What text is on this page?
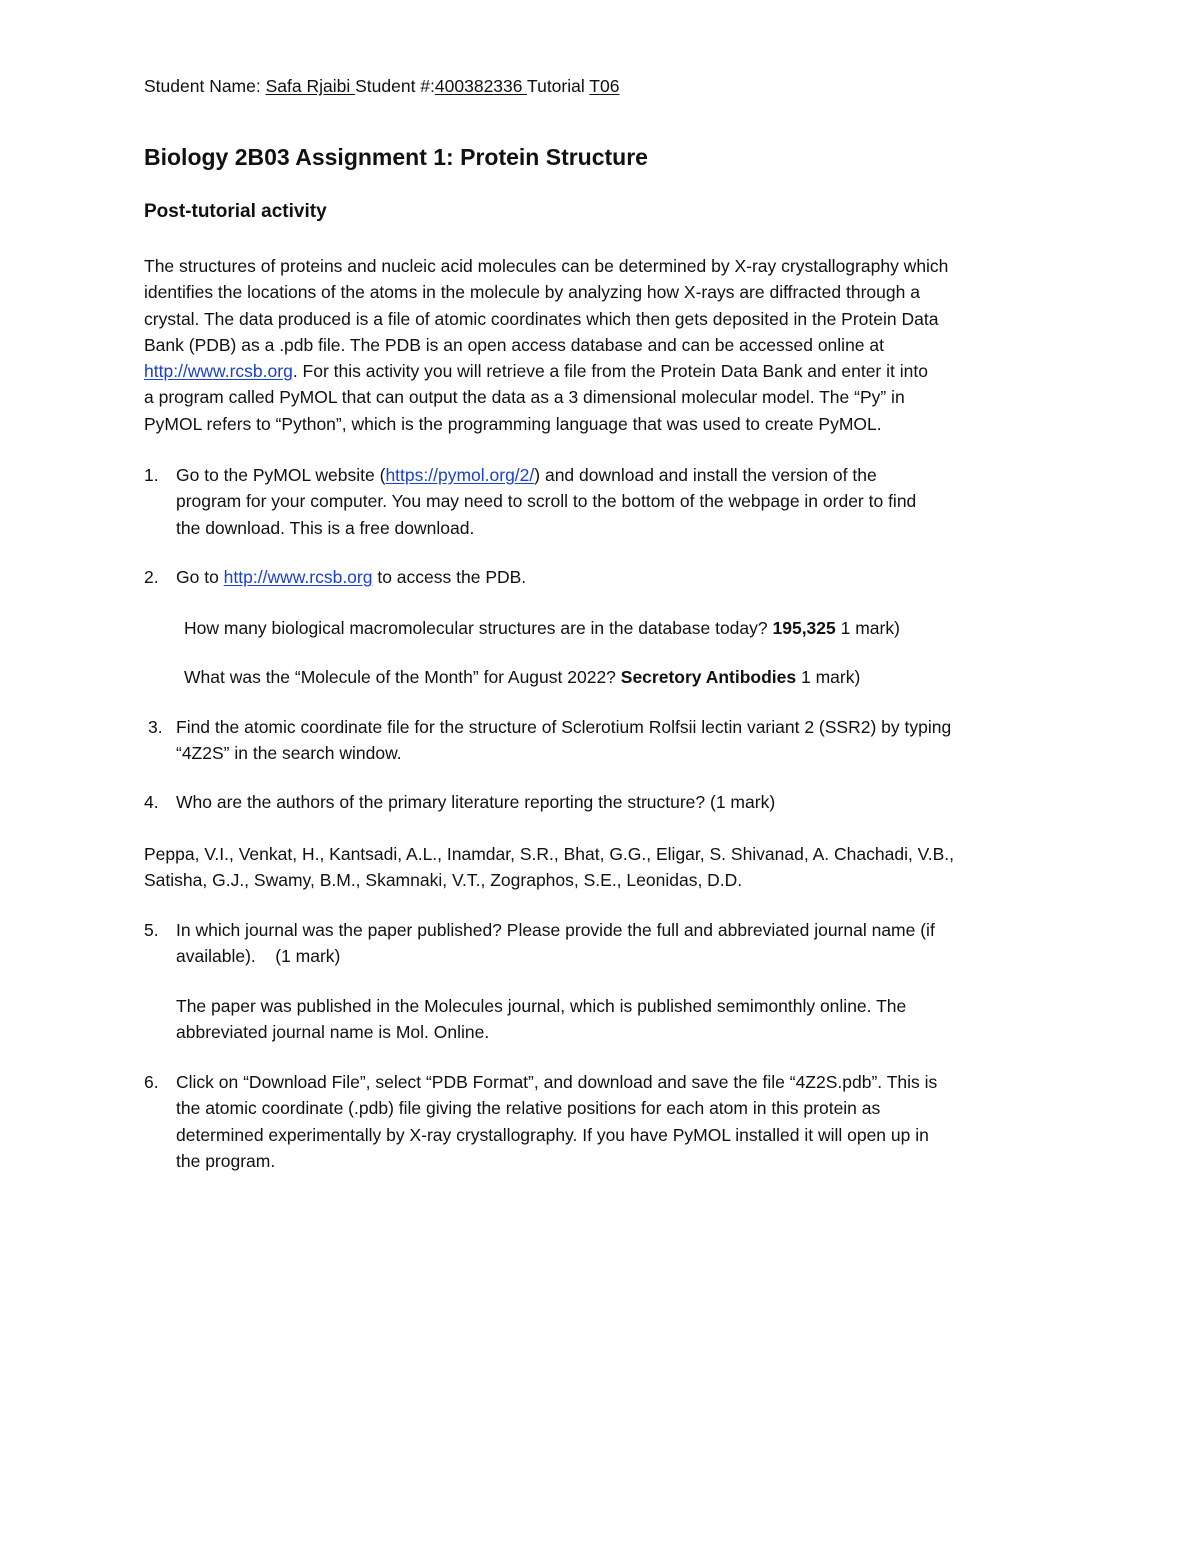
Student Name: Safa Rjaibi Student #:400382336 Tutorial T06
Biology 2B03 Assignment 1: Protein Structure
Post-tutorial activity
The structures of proteins and nucleic acid molecules can be determined by X-ray crystallography which
identifies the locations of the atoms in the molecule by analyzing how X-rays are diffracted through a
crystal. The data produced is a file of atomic coordinates which then gets deposited in the Protein Data
Bank (PDB) as a .pdb file. The PDB is an open access database and can be accessed online at
http://www.rcsb.org. For this activity you will retrieve a file from the Protein Data Bank and enter it into
a program called PyMOL that can output the data as a 3 dimensional molecular model. The “Py” in
PyMOL refers to “Python”, which is the programming language that was used to create PyMOL.
1. Go to the PyMOL website (https://pymol.org/2/) and download and install the version of the
program for your computer. You may need to scroll to the bottom of the webpage in order to find
the download. This is a free download.
2. Go to http://www.rcsb.org to access the PDB.
How many biological macromolecular structures are in the database today? 195,325 1 mark)
What was the “Molecule of the Month” for August 2022? Secretory Antibodies 1 mark)
3. Find the atomic coordinate file for the structure of Sclerotium Rolfsii lectin variant 2 (SSR2) by typing
“4Z2S” in the search window.
4. Who are the authors of the primary literature reporting the structure? (1 mark)
Peppa, V.I., Venkat, H., Kantsadi, A.L., Inamdar, S.R., Bhat, G.G., Eligar, S. Shivanad, A. Chachadi, V.B.,
Satisha, G.J., Swamy, B.M., Skamnaki, V.T., Zographos, S.E., Leonidas, D.D.
5. In which journal was the paper published? Please provide the full and abbreviated journal name (if
available).    (1 mark)
The paper was published in the Molecules journal, which is published semimonthly online. The
abbreviated journal name is Mol. Online.
6. Click on “Download File”, select “PDB Format”, and download and save the file “4Z2S.pdb”. This is
the atomic coordinate (.pdb) file giving the relative positions for each atom in this protein as
determined experimentally by X-ray crystallography. If you have PyMOL installed it will open up in
the program.
